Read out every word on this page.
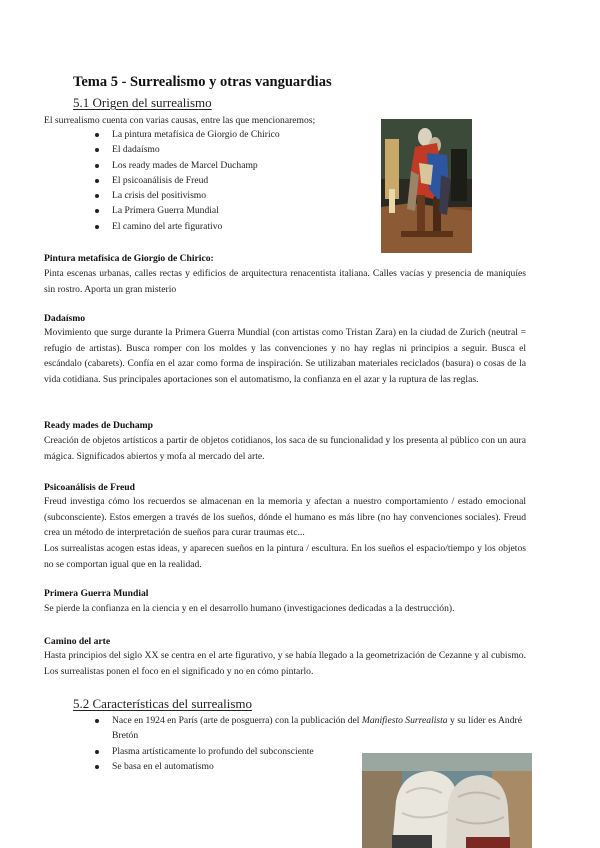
Tema 5 - Surrealismo y otras vanguardias
5.1 Origen del surrealismo

El surrealismo cuenta con varias causas, entre las que mencionaremos;

La pintura metafísica de Giorgio de Chirico
El dadaísmo
Los ready mades de Marcel Duchamp
El psicoanálisis de Freud
La crisis del positivismo
La Primera Guerra Mundial
El camino del arte figurativo
Pintura metafísica de Giorgio de Chirico:

Pinta escenas urbanas, calles rectas y edificios de arquitectura renacentista italiana. Calles vacías y presencia de maniquíes sin rostro. Aporta un gran misterio

Dadaísmo

Movimiento que surge durante la Primera Guerra Mundial (con artistas como Tristan Zara) en la ciudad de Zurich (neutral = refugio de artistas). Busca romper con los moldes y las convenciones y no hay reglas ni principios a seguir. Busca el escándalo (cabarets). Confía en el azar como forma de inspiración. Se utilizaban materiales reciclados (basura) o cosas de la vida cotidiana. Sus principales aportaciones son el automatismo, la confianza en el azar y la ruptura de las reglas.

Ready mades de Duchamp

Creación de objetos artísticos a partir de objetos cotidianos, los saca de su funcionalidad y los presenta al público con un aura mágica. Significados abiertos y mofa al mercado del arte.

Psicoanálisis de Freud

Freud investiga cómo los recuerdos se almacenan en la memoria y afectan a nuestro comportamiento / estado emocional (subconsciente). Estos emergen a través de los sueños, dónde el humano es más libre (no hay convenciones sociales). Freud crea un método de interpretación de sueños para curar traumas etc...

Los surrealistas acogen estas ideas, y aparecen sueños en la pintura / escultura. En los sueños el espacio/tiempo y los objetos no se comportan igual que en la realidad.

Primera Guerra Mundial

Se pierde la confianza en la ciencia y en el desarrollo humano (investigaciones dedicadas a la destrucción).

Camino del arte

Hasta principios del siglo XX se centra en el arte figurativo, y se había llegado a la geometrización de Cezanne y al cubismo. Los surrealistas ponen el foco en el significado y no en cómo pintarlo.

5.2 Características del surrealismo
Nace en 1924 en París (arte de posguerra) con la publicación del Manifiesto Surrealista y su líder es André Bretón
Plasma artísticamente lo profundo del subconsciente
Se basa en el automatismo
